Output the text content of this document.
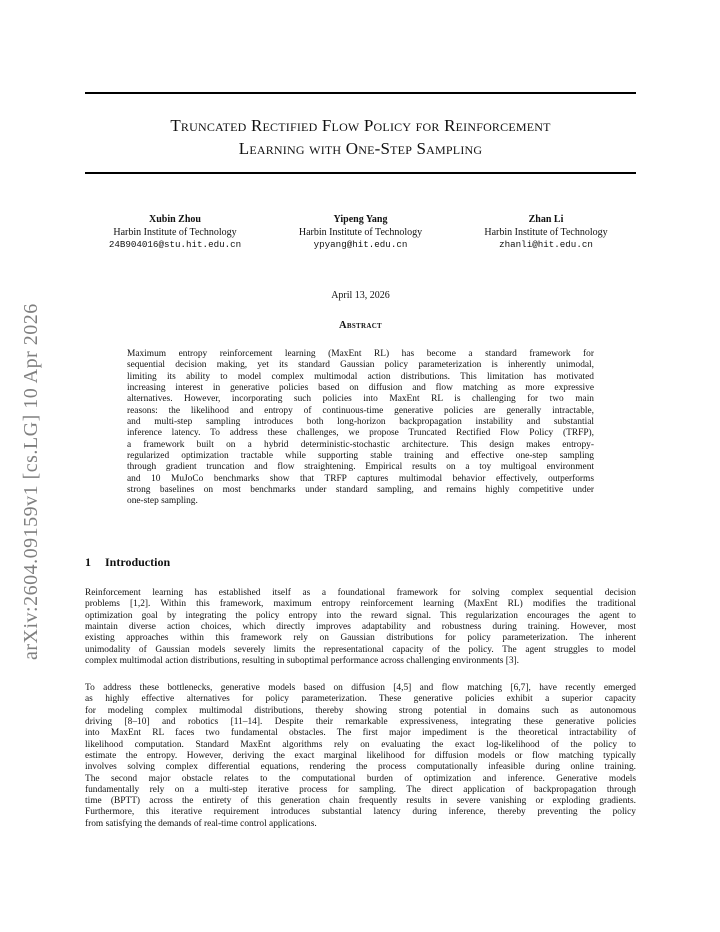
arXiv:2604.09159v1 [cs.LG] 10 Apr 2026
Truncated Rectified Flow Policy for Reinforcement
Learning with One-Step Sampling
Xubin Zhou
Harbin Institute of Technology
24B904016@stu.hit.edu.cn
Yipeng Yang
Harbin Institute of Technology
ypyang@hit.edu.cn
Zhan Li
Harbin Institute of Technology
zhanli@hit.edu.cn
April 13, 2026
Abstract
Maximum entropy reinforcement learning (MaxEnt RL) has become a standard framework for
sequential decision making, yet its standard Gaussian policy parameterization is inherently unimodal,
limiting its ability to model complex multimodal action distributions. This limitation has motivated
increasing interest in generative policies based on diffusion and flow matching as more expressive
alternatives. However, incorporating such policies into MaxEnt RL is challenging for two main
reasons: the likelihood and entropy of continuous-time generative policies are generally intractable,
and multi-step sampling introduces both long-horizon backpropagation instability and substantial
inference latency. To address these challenges, we propose Truncated Rectified Flow Policy (TRFP),
a framework built on a hybrid deterministic-stochastic architecture. This design makes entropy-
regularized optimization tractable while supporting stable training and effective one-step sampling
through gradient truncation and flow straightening. Empirical results on a toy multigoal environment
and 10 MuJoCo benchmarks show that TRFP captures multimodal behavior effectively, outperforms
strong baselines on most benchmarks under standard sampling, and remains highly competitive under
one-step sampling.
1 Introduction
Reinforcement learning has established itself as a foundational framework for solving complex sequential decision
problems [1,2]. Within this framework, maximum entropy reinforcement learning (MaxEnt RL) modifies the traditional
optimization goal by integrating the policy entropy into the reward signal. This regularization encourages the agent to
maintain diverse action choices, which directly improves adaptability and robustness during training. However, most
existing approaches within this framework rely on Gaussian distributions for policy parameterization. The inherent
unimodality of Gaussian models severely limits the representational capacity of the policy. The agent struggles to model
complex multimodal action distributions, resulting in suboptimal performance across challenging environments [3].
To address these bottlenecks, generative models based on diffusion [4,5] and flow matching [6,7], have recently emerged
as highly effective alternatives for policy parameterization. These generative policies exhibit a superior capacity
for modeling complex multimodal distributions, thereby showing strong potential in domains such as autonomous
driving [8–10] and robotics [11–14]. Despite their remarkable expressiveness, integrating these generative policies
into MaxEnt RL faces two fundamental obstacles. The first major impediment is the theoretical intractability of
likelihood computation. Standard MaxEnt algorithms rely on evaluating the exact log-likelihood of the policy to
estimate the entropy. However, deriving the exact marginal likelihood for diffusion models or flow matching typically
involves solving complex differential equations, rendering the process computationally infeasible during online training.
The second major obstacle relates to the computational burden of optimization and inference. Generative models
fundamentally rely on a multi-step iterative process for sampling. The direct application of backpropagation through
time (BPTT) across the entirety of this generation chain frequently results in severe vanishing or exploding gradients.
Furthermore, this iterative requirement introduces substantial latency during inference, thereby preventing the policy
from satisfying the demands of real-time control applications.
